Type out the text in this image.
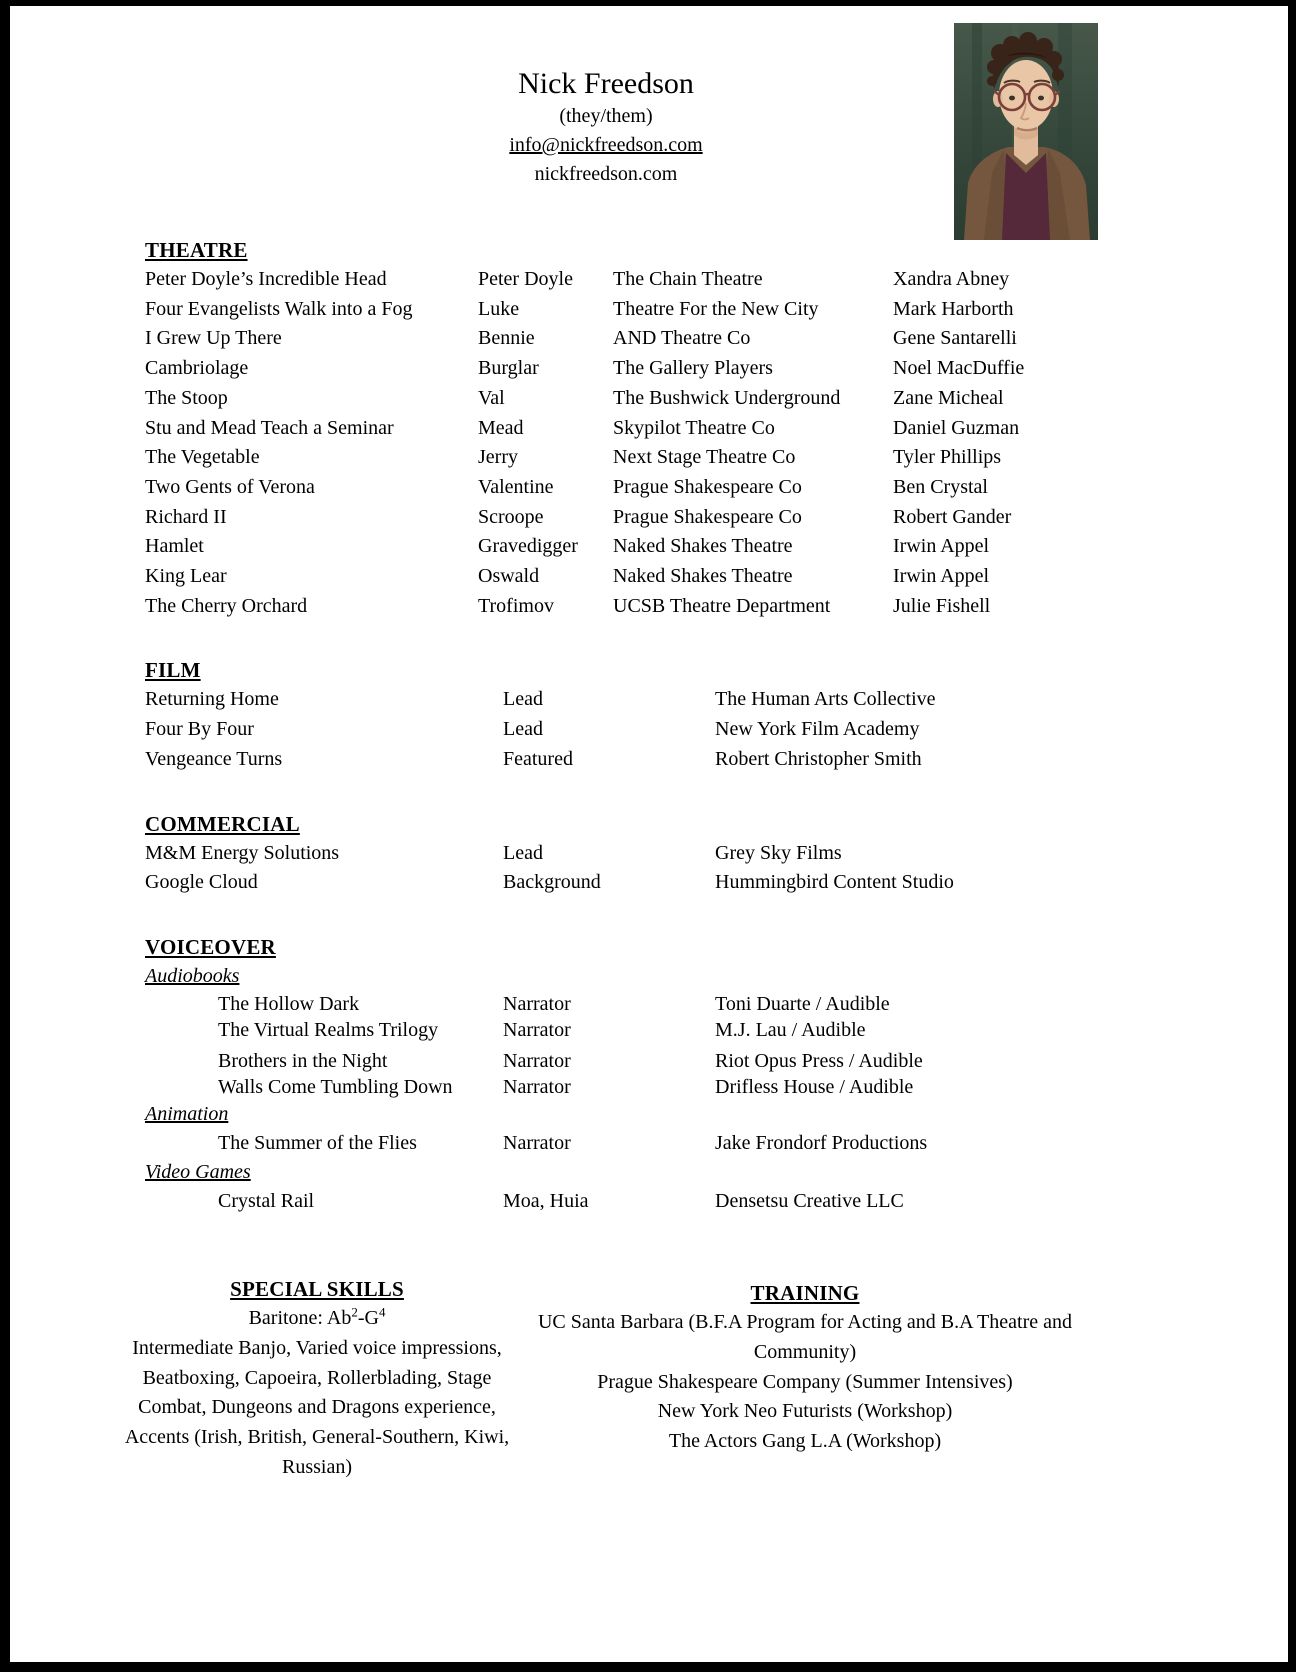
Nick Freedson
(they/them)
info@nickfreedson.com
nickfreedson.com
THEATRE
Peter Doyle’s Incredible Head	Peter Doyle	The Chain Theatre	Xandra Abney
Four Evangelists Walk into a Fog	Luke	Theatre For the New City	Mark Harborth
I Grew Up There	Bennie	AND Theatre Co	Gene Santarelli
Cambriolage	Burglar	The Gallery Players	Noel MacDuffie
The Stoop	Val	The Bushwick Underground	Zane Micheal
Stu and Mead Teach a Seminar	Mead	Skypilot Theatre Co	Daniel Guzman
The Vegetable	Jerry	Next Stage Theatre Co	Tyler Phillips
Two Gents of Verona	Valentine	Prague Shakespeare Co	Ben Crystal
Richard II	Scroope	Prague Shakespeare Co	Robert Gander
Hamlet	Gravedigger	Naked Shakes Theatre	Irwin Appel
King Lear	Oswald	Naked Shakes Theatre	Irwin Appel
The Cherry Orchard	Trofimov	UCSB Theatre Department	Julie Fishell
FILM
Returning Home	Lead	The Human Arts Collective
Four By Four	Lead	New York Film Academy
Vengeance Turns	Featured	Robert Christopher Smith
COMMERCIAL
M&M Energy Solutions	Lead	Grey Sky Films
Google Cloud	Background	Hummingbird Content Studio
VOICEOVER
Audiobooks
The Hollow Dark	Narrator	Toni Duarte / Audible
The Virtual Realms Trilogy	Narrator	M.J. Lau / Audible
Brothers in the Night	Narrator	Riot Opus Press / Audible
Walls Come Tumbling Down	Narrator	Drifless House / Audible
Animation
The Summer of the Flies	Narrator	Jake Frondorf Productions
Video Games
Crystal Rail	Moa, Huia	Densetsu Creative LLC
SPECIAL SKILLS
Baritone: $Ab^2-G^4$
Intermediate Banjo, Varied voice impressions, Beatboxing, Capoeira, Rollerblading, Stage Combat, Dungeons and Dragons experience, Accents (Irish, British, General-Southern, Kiwi, Russian)
TRAINING
UC Santa Barbara (B.F.A Program for Acting and B.A Theatre and Community)
Prague Shakespeare Company (Summer Intensives)
New York Neo Futurists (Workshop)
The Actors Gang L.A (Workshop)
